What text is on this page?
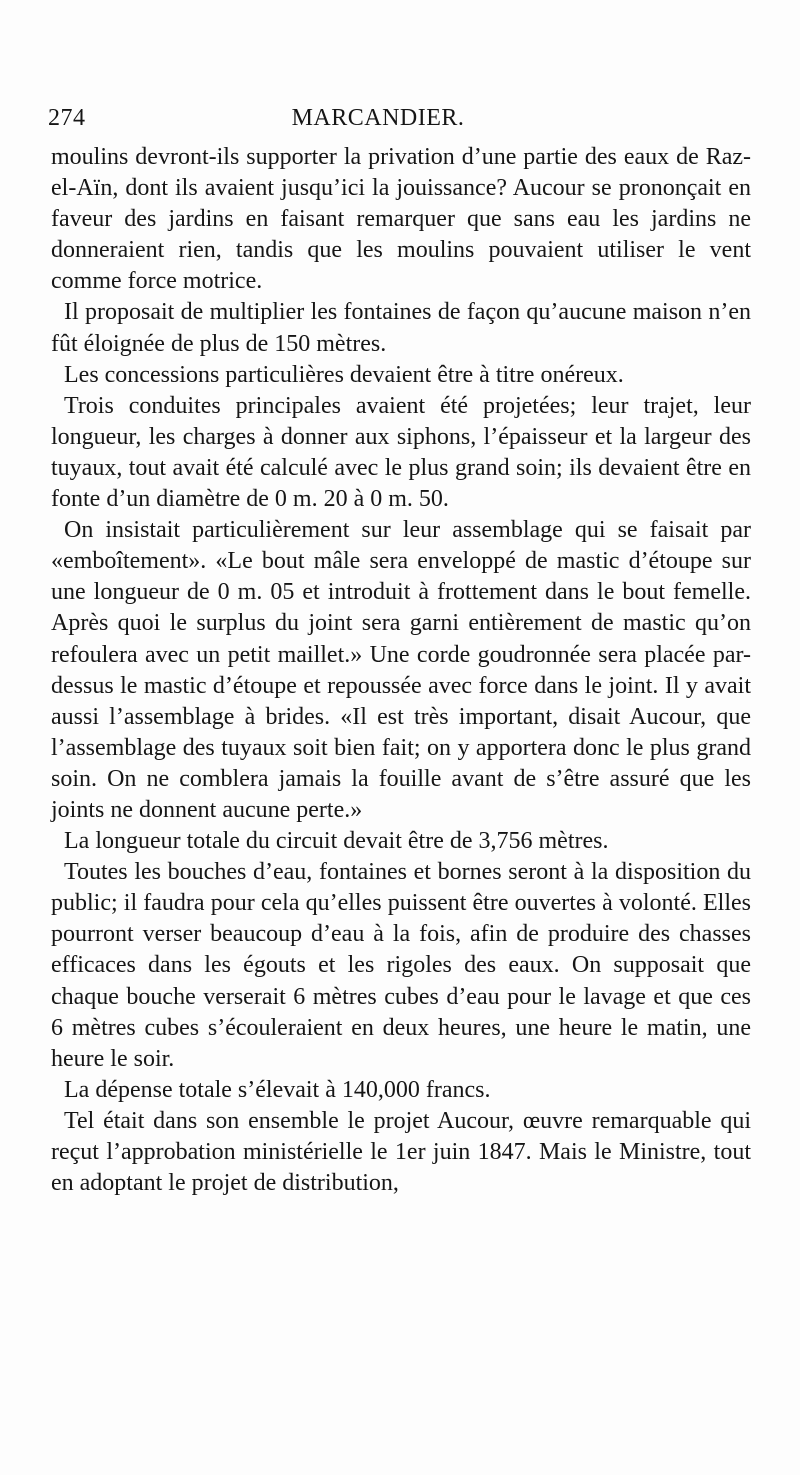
274	MARCANDIER.

moulins devront-ils supporter la privation d’une partie des eaux de Raz-el-Aïn, dont ils avaient jusqu’ici la jouissance? Aucour se prononçait en faveur des jardins en faisant remarquer que sans eau les jardins ne donneraient rien, tandis que les moulins pouvaient utiliser le vent comme force motrice.

Il proposait de multiplier les fontaines de façon qu’aucune maison n’en fût éloignée de plus de 150 mètres.

Les concessions particulières devaient être à titre onéreux.

Trois conduites principales avaient été projetées; leur trajet, leur longueur, les charges à donner aux siphons, l’épaisseur et la largeur des tuyaux, tout avait été calculé avec le plus grand soin; ils devaient être en fonte d’un diamètre de 0 m. 20 à 0 m. 50.

On insistait particulièrement sur leur assemblage qui se faisait par «emboîtement». «Le bout mâle sera enveloppé de mastic d’étoupe sur une longueur de 0 m. 05 et introduit à frottement dans le bout femelle. Après quoi le surplus du joint sera garni entièrement de mastic qu’on refoulera avec un petit maillet.» Une corde goudronnée sera placée par-dessus le mastic d’étoupe et repoussée avec force dans le joint. Il y avait aussi l’assemblage à brides. «Il est très important, disait Aucour, que l’assemblage des tuyaux soit bien fait; on y apportera donc le plus grand soin. On ne comblera jamais la fouille avant de s’être assuré que les joints ne donnent aucune perte.»

La longueur totale du circuit devait être de 3,756 mètres.

Toutes les bouches d’eau, fontaines et bornes seront à la disposition du public; il faudra pour cela qu’elles puissent être ouvertes à volonté. Elles pourront verser beaucoup d’eau à la fois, afin de produire des chasses efficaces dans les égouts et les rigoles des eaux. On supposait que chaque bouche verserait 6 mètres cubes d’eau pour le lavage et que ces 6 mètres cubes s’écouleraient en deux heures, une heure le matin, une heure le soir.

La dépense totale s’élevait à 140,000 francs.

Tel était dans son ensemble le projet Aucour, œuvre remarquable qui reçut l’approbation ministérielle le 1er juin 1847. Mais le Ministre, tout en adoptant le projet de distribution,
